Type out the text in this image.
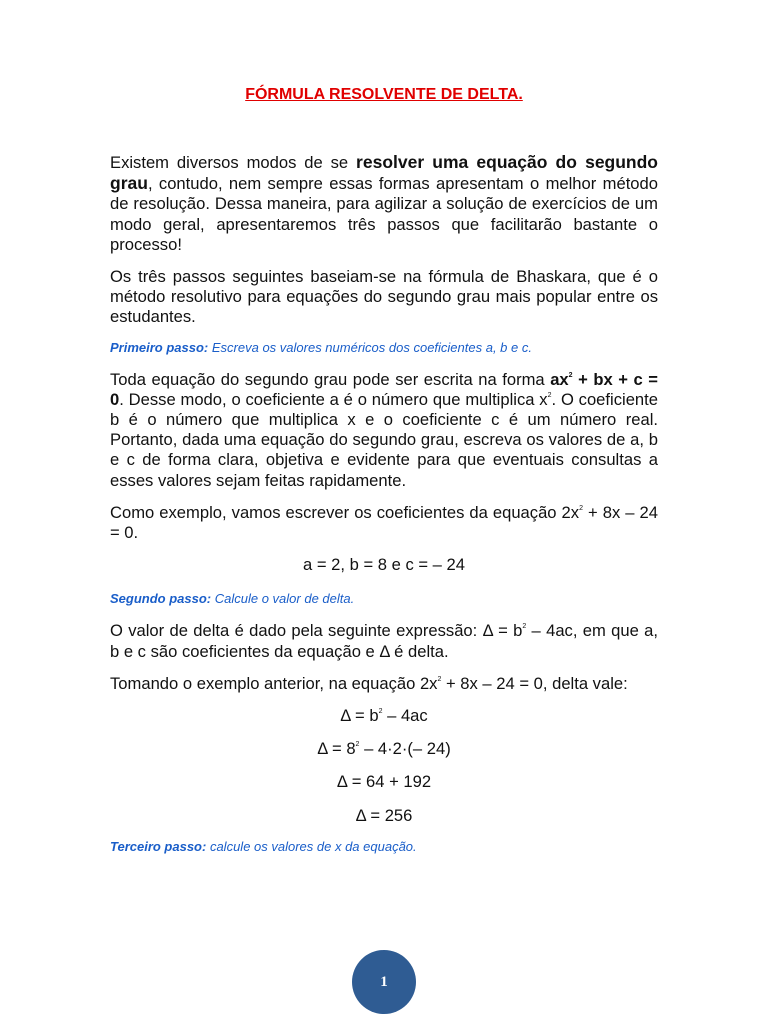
FÓRMULA RESOLVENTE DE DELTA.

Existem diversos modos de se resolver uma equação do segundo grau, contudo, nem sempre essas formas apresentam o melhor método de resolução. Dessa maneira, para agilizar a solução de exercícios de um modo geral, apresentaremos três passos que facilitarão bastante o processo!

Os três passos seguintes baseiam-se na fórmula de Bhaskara, que é o método resolutivo para equações do segundo grau mais popular entre os estudantes.

Primeiro passo: Escreva os valores numéricos dos coeficientes a, b e c.

Toda equação do segundo grau pode ser escrita na forma $ax^2$ + bx + c = 0. Desse modo, o coeficiente a é o número que multiplica $x^2$. O coeficiente b é o número que multiplica x e o coeficiente c é um número real. Portanto, dada uma equação do segundo grau, escreva os valores de a, b e c de forma clara, objetiva e evidente para que eventuais consultas a esses valores sejam feitas rapidamente.

Como exemplo, vamos escrever os coeficientes da equação $2x^2 + 8x - 24 = 0$.

a = 2, b = 8 e c = – 24

Segundo passo: Calcule o valor de delta.

O valor de delta é dado pela seguinte expressão: $\Delta = b^2 - 4ac$, em que a, b e c são coeficientes da equação e Δ é delta.

Tomando o exemplo anterior, na equação $2x^2 + 8x - 24 = 0$, delta vale:

$\Delta = b^2 - 4ac$

$\Delta = 8^2 - 4\cdot 2\cdot(-$ 24)

Δ = 64 + 192

Δ = 256

Terceiro passo: calcule os valores de x da equação.

1
